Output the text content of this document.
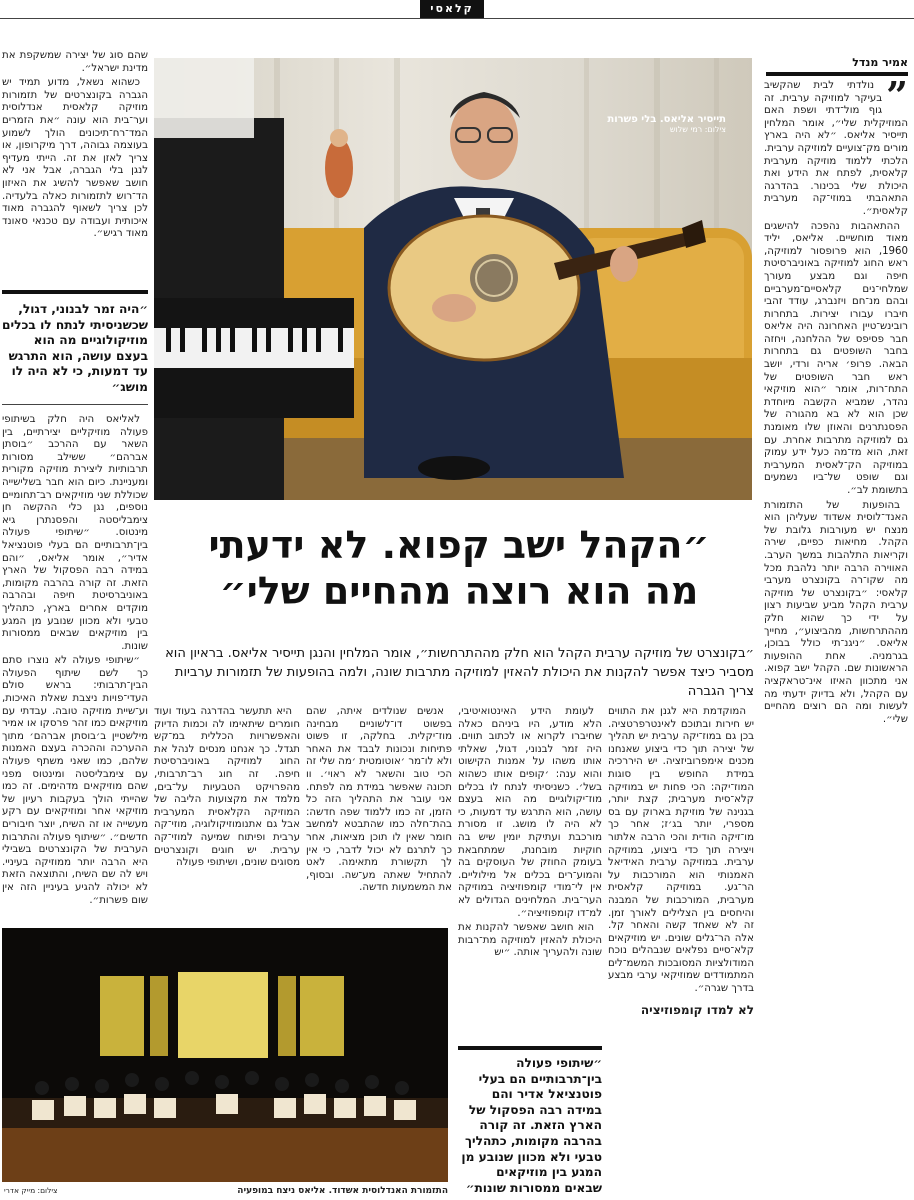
קלאסי
אמיר מנדל
”

נולדתי לבית שהקשיב בעיקר למוזיקה ערבית. זה גוף מול־דתי ושפת האם המוזיקלית שלי״, אומר המלחין תייסיר אליאס. ״לא היה בארץ מורים מק־צועיים למוזיקה ערבית. הלכתי ללמוד מוזיקה מערבית קלאסית, לפתח את הידע ואת היכולת שלי בכינור. בהדרגה התאהבתי במוזי־קה מערבית קלאסית״.

ההתאהבות נהפכה להישגים מאוד מוחשיים. אליאס, יליד 1960, הוא פרופסור למוזיקה, ראש החוג למוזיקה באוניברסיטת חיפה וגם מבצע מעורך שמלחי־נים קלאסיים־מערביים ובהם מנ־חם ויזנברג, עודד זהבי חיברו עבורו יצירות. בתחרות רובינש־טיין האחרונה היה אליאס חבר פסיפס של ההלחנה, ויחזה בחבר השופטים גם בתחרות הבאה. פרופ׳ אריה ורדי, יושב ראש חבר השופטים של התח־רות, אומר ״הוא מוזיקאי נהדר, שמביא הקשבה מיוחדת שכן הוא לא בא מהגורה של הפסנתרנים והאוזן שלו מאומנת גם למוזיקה מתרבות אחרת. עם זאת, הוא מז־מה כעל ידע עמוק במוזיקה הק־לאסית המערבית וגם שופט של־ביו נשמעים בתשומת לב״.

בהופעות של התזמורת האנד־לוסית אשדוד שעליהן הוא מנצח יש מעורבות גלובת של הקהל. מחיאות כפיים, שירה וקריאות התלהבות במשך הערב. האווירה הרבה יותר נלהבת מכל מה שקו־רה בקונצרט מערבי קלאסי: ״בקונצרט של מוזיקה ערבית הקהל מביע שביעות רצון על ידי כך שהוא חלק מההתרחשות, מהביצוע״, מחייך אליאס. ״ניגנ־תי כולל בבוכן, בגרמניה. אחת ההופעות הראשונות שם. הקהל ישב קפוא. אני מתכוון האיזו אינ־טראקציה עם הקהל, ולא בדיוק ידעתי מה לעשות ומה הם רוצים מהחיים שלי״.

תייסיר אליאס. בלי פשרות
צילום: רמי שלוש
״הקהל ישב קפוא. לא ידעתי
מה הוא רוצה מהחיים שלי״
״בקונצרט של מוזיקה ערבית הקהל הוא חלק מההתרחשות״, אומר המלחין והנגן תייסיר אליאס. בראיון הוא מסביר כיצד אפשר להקנות את היכולת להאזין למוזיקה מתרבות שונה, ולמה בהופעות של תזמורות ערביות צריך הגברה

המוקדמת היא לגנן את התווים יש חירות ובתוכם לאינטרפרטציה. בכן גם במוז־יקה ערבית יש תהליך של יצירה תוך כדי ביצוע שאנחנו מכנים אימפרוביזציה. יש היררכיה במידת החופש בין סוגות המוז־יקה: הכי פחות יש במוזיקה קלא־סית מערבית; קצת יותר, בגנינה של מוזיקת בארוק עם בס מספרי, יותר בג׳ז; אחר כך מו־זיקה הודית והכי הרבה אלתור ויצירה תוך כדי ביצוע, במוזיקה ערבית. במוזיקה ערבית האידיאל האמנותי הוא המורכבות על הר־גע. במוזיקה קלאסית מערבית, המורכבות של המבנה והיחסים בין הצלילים לאורך זמן. זה לא שאחד קשה והאחר קל. אלה הר־גלים שונים. יש מוזיקאים קלא־סיים נפלאים שנבהלים נוכח המודולציות המסובכות המשמ־לים המתמודדים שמוזיקאי ערבי מבצע בדרך שגרה״.

לא למדו קומפוזיציה

לעומת הידע האינטואיטיבי, הלא מודע, היו ביניהם כאלה שחיברו לקרוא או לכתוב תווים. היה זמר לבנוני, דגול, שאלתי אותו משהו על אמנות הקישוט והוא ענה: ׳קופים אותו כשהוא בשל׳. כשניסיתי לנתח לו בכלים מוז־יקולוגיים מה הוא בעצם עושה, הוא התרגש עד דמעות, כי לא היה לו מושג. זו מסורת מורכבת ועתיקת יומין שיש בה חוקיות מובחנת, שמתחבאת בעומק החוזק של העוסקים בה והמוע־רים בכלים אל מילוליים. אין לי־מודי קומפוזיציה במוזיקה הער־בית. המלחינים הגדולים לא למ־דו קומפוזיציה״.

הוא חושב שאפשר להקנות את היכולת להאזין למוזיקה מת־רבות שונה ולהעריך אותה. ״יש

אנשים שנולדים איתה, שהם בפשוט דו־לשוניים מבחינה מוז־יקלית. בחלקה, זו פשוט פתיחות ונכונות לבבד את האחר ולא לו־מר ׳אוטומטית ׳מה שלי זה הכי טוב והשאר לא ראוי׳. וו תכונה שאפשר במידת מה לפתח. אני עובר את התהליך הזה כל הזמן, זה כמו ללמוד שפה חדשה: בהת־חלה כמו שהתבטא למחשב חומר שאין לו תוכן מציאות, אחר כך לתרגם לא יכול לדבר, כי אין לך תקשורת מתאימה. לאט להתחיל שאתה מע־שה. ובסוף, את המשמעות חדשה.

היא תתעשר בהדרגה בעוד ועוד חומרים שיתאימו לה וכמות הדיוק והאפשרויות הכללית במ־קש תגדל. כך אנחנו מנסים לנהל את החוג למוזיקה באוניברסיטת חיפה. זה חוג רב־תרבותי, מהפרויקט הטבעיות על־בים, מלמד את מקצועות הליבה של המוזיקה הקלאסית המערבית אבל גם אתנומוזיקולוגיה, מוזי־קה ערבית ופיתוח שמיעה למוזי־קה ערבית. יש חוגים וקונצרטים מסוגים שונים, ושיתופי פעולה

״שיתופי פעולה בין־תרבותיים הם בעלי פוטנציאל אדיר והם במידה רבה הפסקול של הארץ הזאת. זה קורה בהרבה מקומות, כתהליך טבעי ולא מכוון שנובע מן המגע בין מוזיקאים שבאים ממסורות שונות״
התזמורת האנדלוסית אשדוד. אליאס ניצח במופעיה
צילום: מייק אדרי

שהם סוג של יצירה שמשקפת את מדינת ישראל״.

כשהוא נשאל, מדוע תמיד יש הגברה בקונצרטים של תזמורות מוזיקה קלאסית אנדלוסית וער־בית הוא עונה ״את הזמרים המד־רח־תיכונים הולך לשמוע בעוצמה גבוהה, דרך מיקרופון, או צריך לאזן את זה. הייתי מעדיף לנגן בלי הגברה, אבל אני לא חושב שאפשר להשיג את האיזון הד־רוש לתזמורות כאלה בלעדיה. לכן צריך לשאוף להגברה מאוד איכותית ועבודה עם טכנאי סאונד מאוד רגיש״.

״היה זמר לבנוני, דגול, שכשניסיתי לנתח לו בכלים מוזיקולוגיים מה הוא בעצם עושה, הוא התרגש עד דמעות, כי לא היה לו מושג״

לאליאס היה חלק בשיתופי פעולה מוזיקליים יצירתיים, בין השאר עם ההרכב ״בוסתן אברהם״ ששילב מסורות תרבותיות ליצירת מוזיקה מקורית ומעניינת. כיום הוא חבר בשלישייה שכוללת שני מוזיקאים רב־תחומיים נוספים, נגן כלי ההקשה חן צימבליסטה והפסנתרן גיא מינטוס. ״שיתופי פעולה בין־תרבותיים הם בעלי פוטנציאל אדיר״, אומר אליאס, ״והם במידה רבה הפסקול של הארץ הזאת. זה קורה בהרבה מקומות, באוניברסיטת חיפה ובהרבה מוקדים אחרים בארץ, כתהליך טבעי ולא מכוון שנובע מן המגע בין מוזיקאים שבאים ממסורות שונות.

״שיתופי פעולה לא נוצרו סתם כך לשם שיתוף הפעולה הבין־תרבותי: בראש סולם העדי־פויות ניצבת שאלת האיכות, וע־שיית מוזיקה טובה. עבדתי עם מוזיקאים כמו זהר פרסקו או אמיר מילשטיין ב׳בוסתן אברהם׳ מתוך ההערכה וההכרה בעצם האמנות שלהם, כמו שאני משתף פעולה עם צימבליסטה ומינטוס מפני שהם מוזיקאים מדהימים. זה כמו שהייתי הולך בעקבות רעיון של מוזיקאי אחר ומוזיקאים עם רקע מעשייה או זה השיח, יוצר חיבורים חדשים״. ״שיתוף פעולה והתרבות הערבית של הקונצרטים בשבילי היא הרבה יותר ממוזיקה בעיניי. ויש לה שם השיח, והתוצאה הזאת לא יכולה להגיע בעיניין הזה אין שום פשרות״.
